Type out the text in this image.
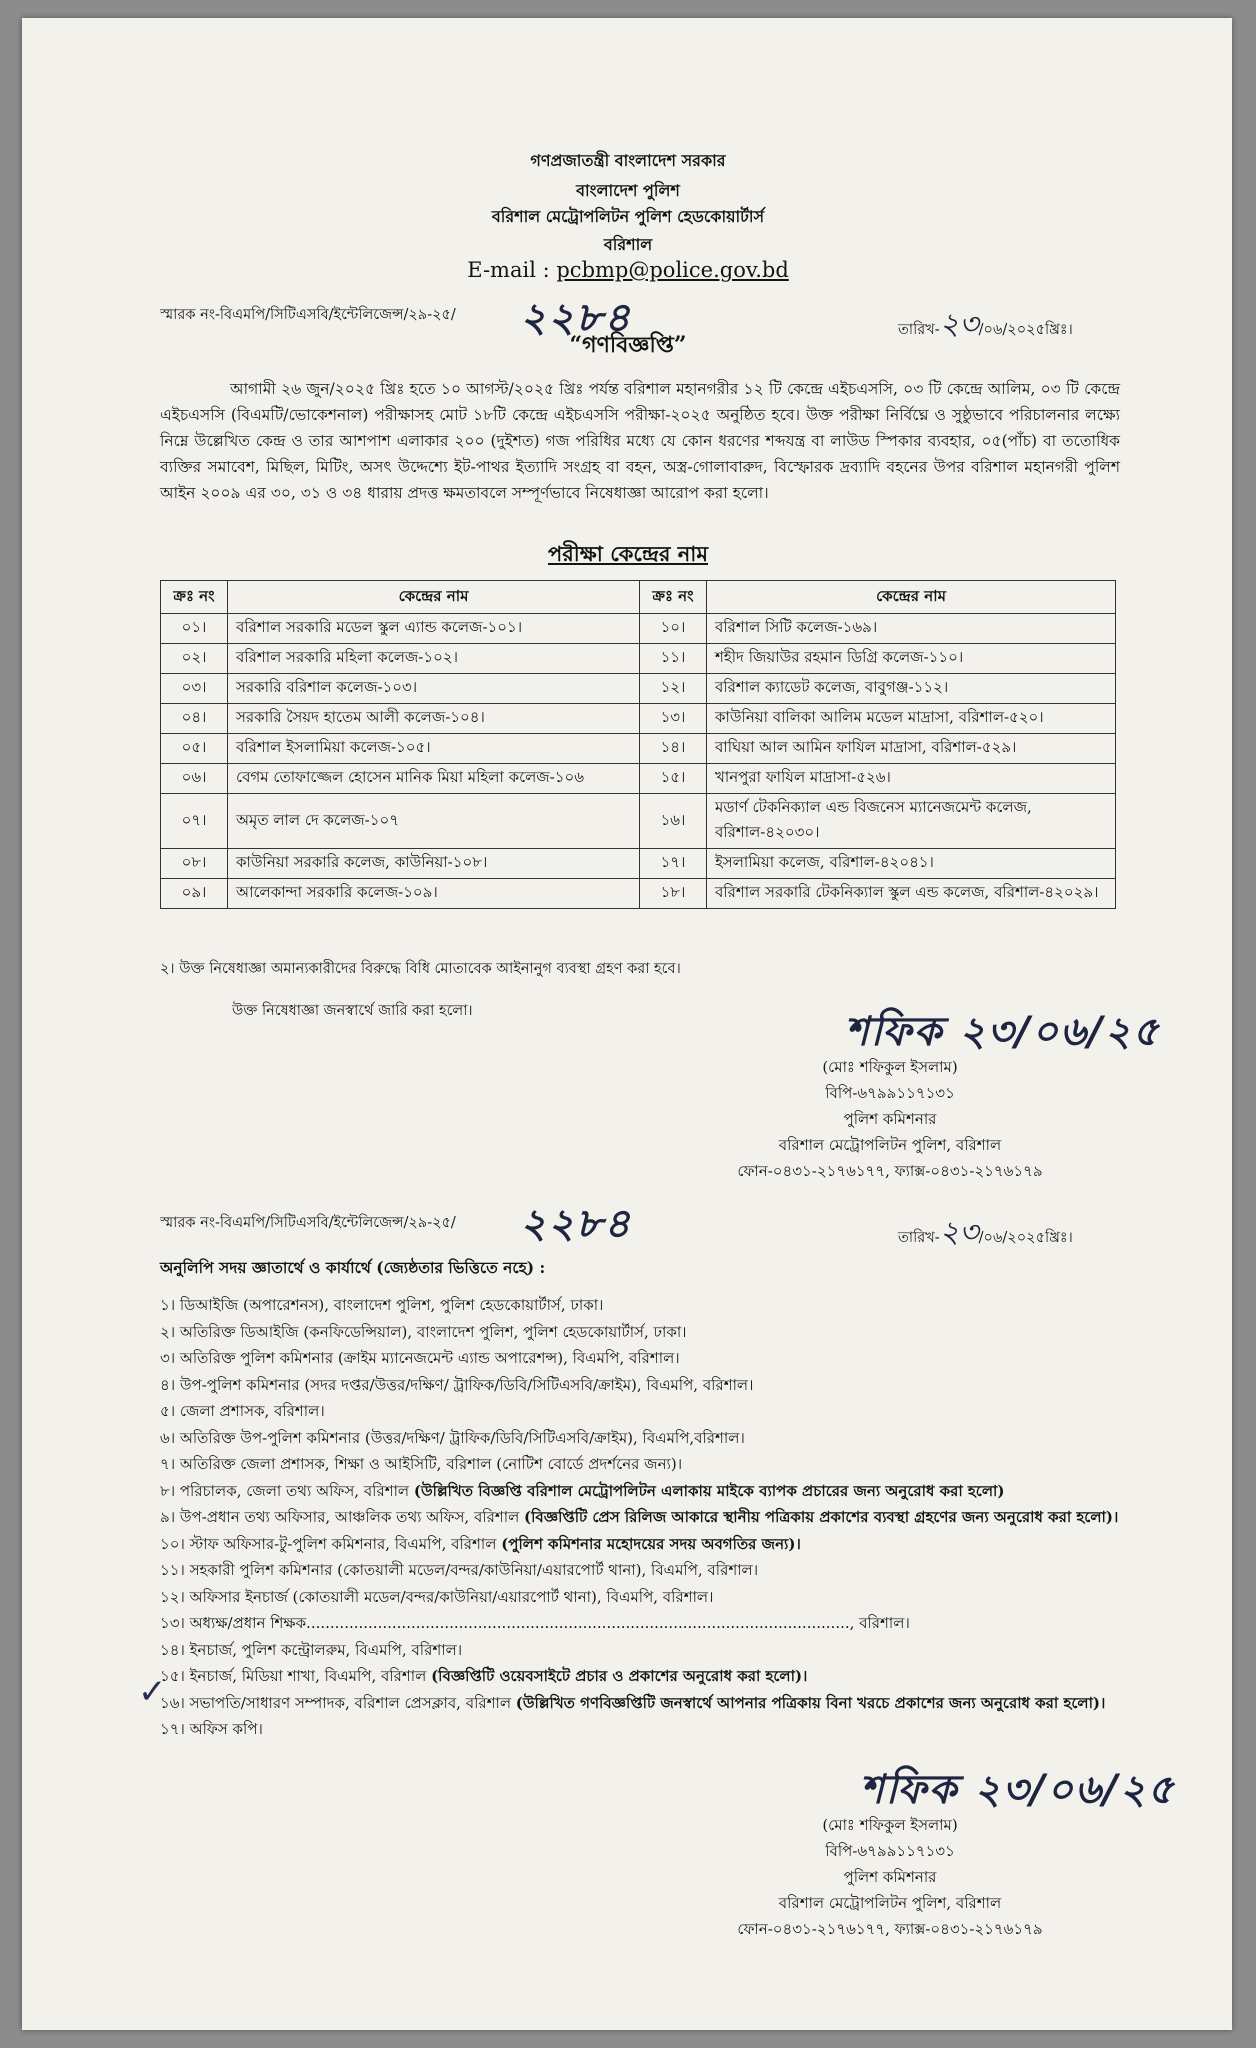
গণপ্রজাতন্ত্রী বাংলাদেশ সরকার
বাংলাদেশ পুলিশ
বরিশাল মেট্রোপলিটন পুলিশ হেডকোয়ার্টার্স
বরিশাল
E-mail : pcbmp@police.gov.bd
স্মারক নং-বিএমপি/সিটিএসবি/ইন্টেলিজেন্স/২৯-২৫/ ২২৮৪	তারিখ-২৩/০৬/২০২৫খ্রিঃ।
“গণবিজ্ঞপ্তি”
আগামী ২৬ জুন/২০২৫ খ্রিঃ হতে ১০ আগস্ট/২০২৫ খ্রিঃ পর্যন্ত বরিশাল মহানগরীর ১২ টি কেন্দ্রে এইচএসসি, ০৩ টি কেন্দ্রে আলিম, ০৩ টি কেন্দ্রে এইচএসসি (বিএমটি/ভোকেশনাল) পরীক্ষাসহ মোট ১৮টি কেন্দ্রে এইচএসসি পরীক্ষা-২০২৫ অনুষ্ঠিত হবে। উক্ত পরীক্ষা নির্বিঘ্নে ও সুষ্ঠুভাবে পরিচালনার লক্ষ্যে নিম্নে উল্লেখিত কেন্দ্র ও তার আশপাশ এলাকার ২০০ (দুইশত) গজ পরিধির মধ্যে যে কোন ধরণের শব্দযন্ত্র বা লাউড স্পিকার ব্যবহার, ০৫(পাঁচ) বা ততোধিক ব্যক্তির সমাবেশ, মিছিল, মিটিং, অসৎ উদ্দেশ্যে ইট-পাথর ইত্যাদি সংগ্রহ বা বহন, অস্ত্র-গোলাবারুদ, বিস্ফোরক দ্রব্যাদি বহনের উপর বরিশাল মহানগরী পুলিশ আইন ২০০৯ এর ৩০, ৩১ ও ৩৪ ধারায় প্রদত্ত ক্ষমতাবলে সম্পূর্ণভাবে নিষেধাজ্ঞা আরোপ করা হলো।
পরীক্ষা কেন্দ্রের নাম
ক্রঃ নং	কেন্দ্রের নাম	ক্রঃ নং	কেন্দ্রের নাম
০১।	বরিশাল সরকারি মডেল স্কুল এ্যান্ড কলেজ-১০১।	১০।	বরিশাল সিটি কলেজ-১৬৯।
০২।	বরিশাল সরকারি মহিলা কলেজ-১০২।	১১।	শহীদ জিয়াউর রহমান ডিগ্রি কলেজ-১১০।
০৩।	সরকারি বরিশাল কলেজ-১০৩।	১২।	বরিশাল ক্যাডেট কলেজ, বাবুগঞ্জ-১১২।
০৪।	সরকারি সৈয়দ হাতেম আলী কলেজ-১০৪।	১৩।	কাউনিয়া বালিকা আলিম মডেল মাদ্রাসা, বরিশাল-৫২০।
০৫।	বরিশাল ইসলামিয়া কলেজ-১০৫।	১৪।	বাঘিয়া আল আমিন ফাযিল মাদ্রাসা, বরিশাল-৫২৯।
০৬।	বেগম তোফাজ্জেল হোসেন মানিক মিয়া মহিলা কলেজ-১০৬	১৫।	খানপুরা ফাযিল মাদ্রাসা-৫২৬।
০৭।	অমৃত লাল দে কলেজ-১০৭	১৬।	মডার্ণ টেকনিক্যাল এন্ড বিজনেস ম্যানেজমেন্ট কলেজ, বরিশাল-৪২০৩০।
০৮।	কাউনিয়া সরকারি কলেজ, কাউনিয়া-১০৮।	১৭।	ইসলামিয়া কলেজ, বরিশাল-৪২০৪১।
০৯।	আলেকান্দা সরকারি কলেজ-১০৯।	১৮।	বরিশাল সরকারি টেকনিক্যাল স্কুল এন্ড কলেজ, বরিশাল-৪২০২৯।
২। উক্ত নিষেধাজ্ঞা অমান্যকারীদের বিরুদ্ধে বিধি মোতাবেক আইনানুগ ব্যবস্থা গ্রহণ করা হবে।
উক্ত নিষেধাজ্ঞা জনস্বার্থে জারি করা হলো।	শফিক ২৩/০৬/২৫
(মোঃ শফিকুল ইসলাম)
বিপি-৬৭৯৯১১৭১৩১
পুলিশ কমিশনার
বরিশাল মেট্রোপলিটন পুলিশ, বরিশাল
ফোন-০৪৩১-২১৭৬১৭৭, ফ্যাক্স-০৪৩১-২১৭৬১৭৯
স্মারক নং-বিএমপি/সিটিএসবি/ইন্টেলিজেন্স/২৯-২৫/ ২২৮৪	তারিখ-২৩/০৬/২০২৫খ্রিঃ।
অনুলিপি সদয় জ্ঞাতার্থে ও কার্যার্থে (জ্যেষ্ঠতার ভিত্তিতে নহে) :
১। ডিআইজি (অপারেশনস), বাংলাদেশ পুলিশ, পুলিশ হেডকোয়ার্টার্স, ঢাকা।
২। অতিরিক্ত ডিআইজি (কনফিডেন্সিয়াল), বাংলাদেশ পুলিশ, পুলিশ হেডকোয়ার্টার্স, ঢাকা।
৩। অতিরিক্ত পুলিশ কমিশনার (ক্রাইম ম্যানেজমেন্ট এ্যান্ড অপারেশন্স), বিএমপি, বরিশাল।
৪। উপ-পুলিশ কমিশনার (সদর দপ্তর/উত্তর/দক্ষিণ/ ট্রাফিক/ডিবি/সিটিএসবি/ক্রাইম), বিএমপি, বরিশাল।
৫। জেলা প্রশাসক, বরিশাল।
৬। অতিরিক্ত উপ-পুলিশ কমিশনার (উত্তর/দক্ষিণ/ ট্রাফিক/ডিবি/সিটিএসবি/ক্রাইম), বিএমপি,বরিশাল।
৭। অতিরিক্ত জেলা প্রশাসক, শিক্ষা ও আইসিটি, বরিশাল (নোটিশ বোর্ডে প্রদর্শনের জন্য)।
৮। পরিচালক, জেলা তথ্য অফিস, বরিশাল (উল্লিখিত বিজ্ঞপ্তি বরিশাল মেট্রোপলিটন এলাকায় মাইকে ব্যাপক প্রচারের জন্য অনুরোধ করা হলো)
৯। উপ-প্রধান তথ্য অফিসার, আঞ্চলিক তথ্য অফিস, বরিশাল (বিজ্ঞপ্তিটি প্রেস রিলিজ আকারে স্থানীয় পত্রিকায় প্রকাশের ব্যবস্থা গ্রহণের জন্য অনুরোধ করা হলো)।
১০। স্টাফ অফিসার-টু-পুলিশ কমিশনার, বিএমপি, বরিশাল (পুলিশ কমিশনার মহোদয়ের সদয় অবগতির জন্য)।
১১। সহকারী পুলিশ কমিশনার (কোতয়ালী মডেল/বন্দর/কাউনিয়া/এয়ারপোর্ট থানা), বিএমপি, বরিশাল।
১২। অফিসার ইনচার্জ (কোতয়ালী মডেল/বন্দর/কাউনিয়া/এয়ারপোর্ট থানা), বিএমপি, বরিশাল।
১৩। অধ্যক্ষ/প্রধান শিক্ষক.................................................................................................................., বরিশাল।
১৪। ইনচার্জ, পুলিশ কন্ট্রোলরুম, বিএমপি, বরিশাল।
১৫। ইনচার্জ, মিডিয়া শাখা, বিএমপি, বরিশাল (বিজ্ঞপ্তিটি ওয়েবসাইটে প্রচার ও প্রকাশের অনুরোধ করা হলো)।
১৬। সভাপতি/সাধারণ সম্পাদক, বরিশাল প্রেসক্লাব, বরিশাল (উল্লিখিত গণবিজ্ঞপ্তিটি জনস্বার্থে আপনার পত্রিকায় বিনা খরচে প্রকাশের জন্য অনুরোধ করা হলো)।
১৭। অফিস কপি।
✓
শফিক ২৩/০৬/২৫
(মোঃ শফিকুল ইসলাম)
বিপি-৬৭৯৯১১৭১৩১
পুলিশ কমিশনার
বরিশাল মেট্রোপলিটন পুলিশ, বরিশাল
ফোন-০৪৩১-২১৭৬১৭৭, ফ্যাক্স-০৪৩১-২১৭৬১৭৯
